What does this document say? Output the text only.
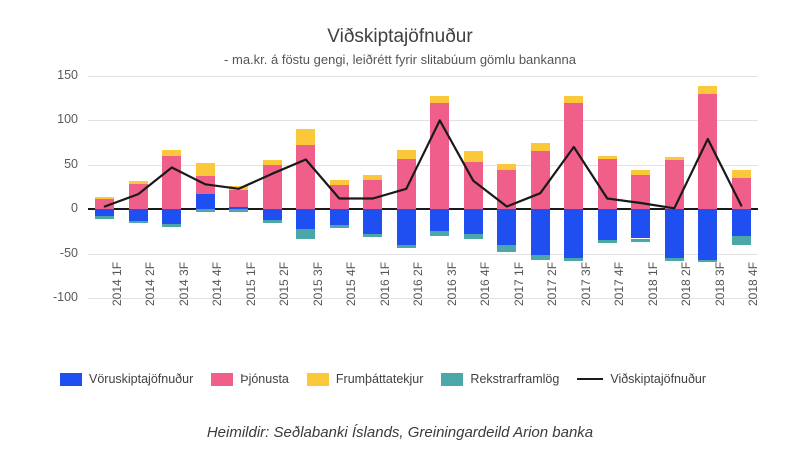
Viðskiptajöfnuður
- ma.kr. á föstu gengi, leiðrétt fyrir slitabúum gömlu bankanna
-100
-50
0
50
100
150
2014 1F 2014 2F 2014 3F 2014 4F 2015 1F 2015 2F 2015 3F 2015 4F 2016 1F 2016 2F 2016 3F 2016 4F 2017 1F 2017 2F 2017 3F 2017 4F 2018 1F 2018 2F 2018 3F 2018 4F
Vöruskiptajöfnuður	Þjónusta	Frumþáttatekjur	Rekstrarframlög	Viðskiptajöfnuður
Heimildir: Seðlabanki Íslands, Greiningardeild Arion banka
